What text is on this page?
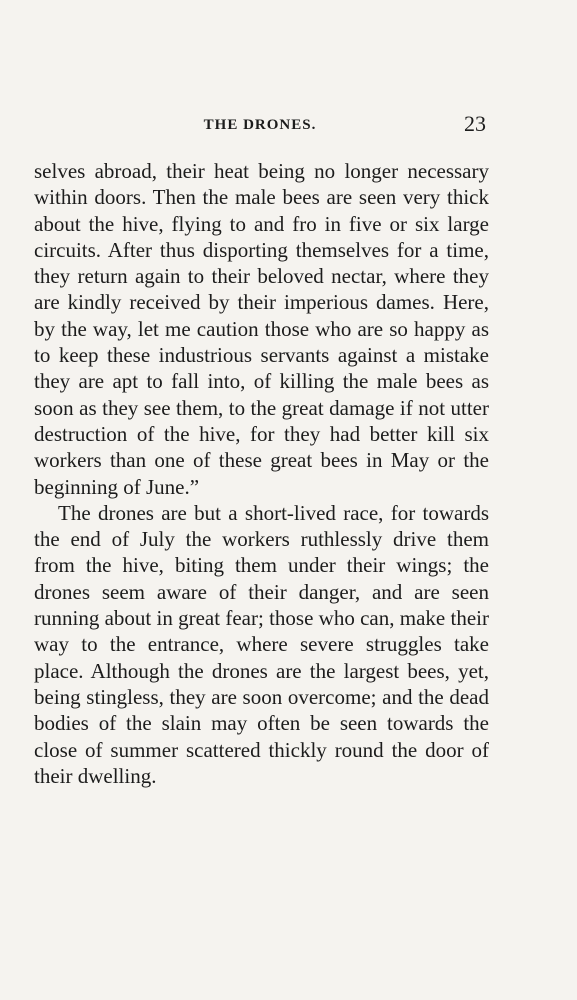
THE DRONES.	23

selves abroad, their heat being no longer necessary within doors. Then the male bees are seen very thick about the hive, flying to and fro in five or six large circuits. After thus disporting themselves for a time, they return again to their beloved nectar, where they are kindly received by their imperious dames. Here, by the way, let me caution those who are so happy as to keep these industrious servants against a mistake they are apt to fall into, of killing the male bees as soon as they see them, to the great damage if not utter destruction of the hive, for they had better kill six workers than one of these great bees in May or the beginning of June.”

The drones are but a short-lived race, for towards the end of July the workers ruthlessly drive them from the hive, biting them under their wings; the drones seem aware of their danger, and are seen running about in great fear; those who can, make their way to the entrance, where severe struggles take place. Although the drones are the largest bees, yet, being stingless, they are soon overcome; and the dead bodies of the slain may often be seen towards the close of summer scattered thickly round the door of their dwelling.
